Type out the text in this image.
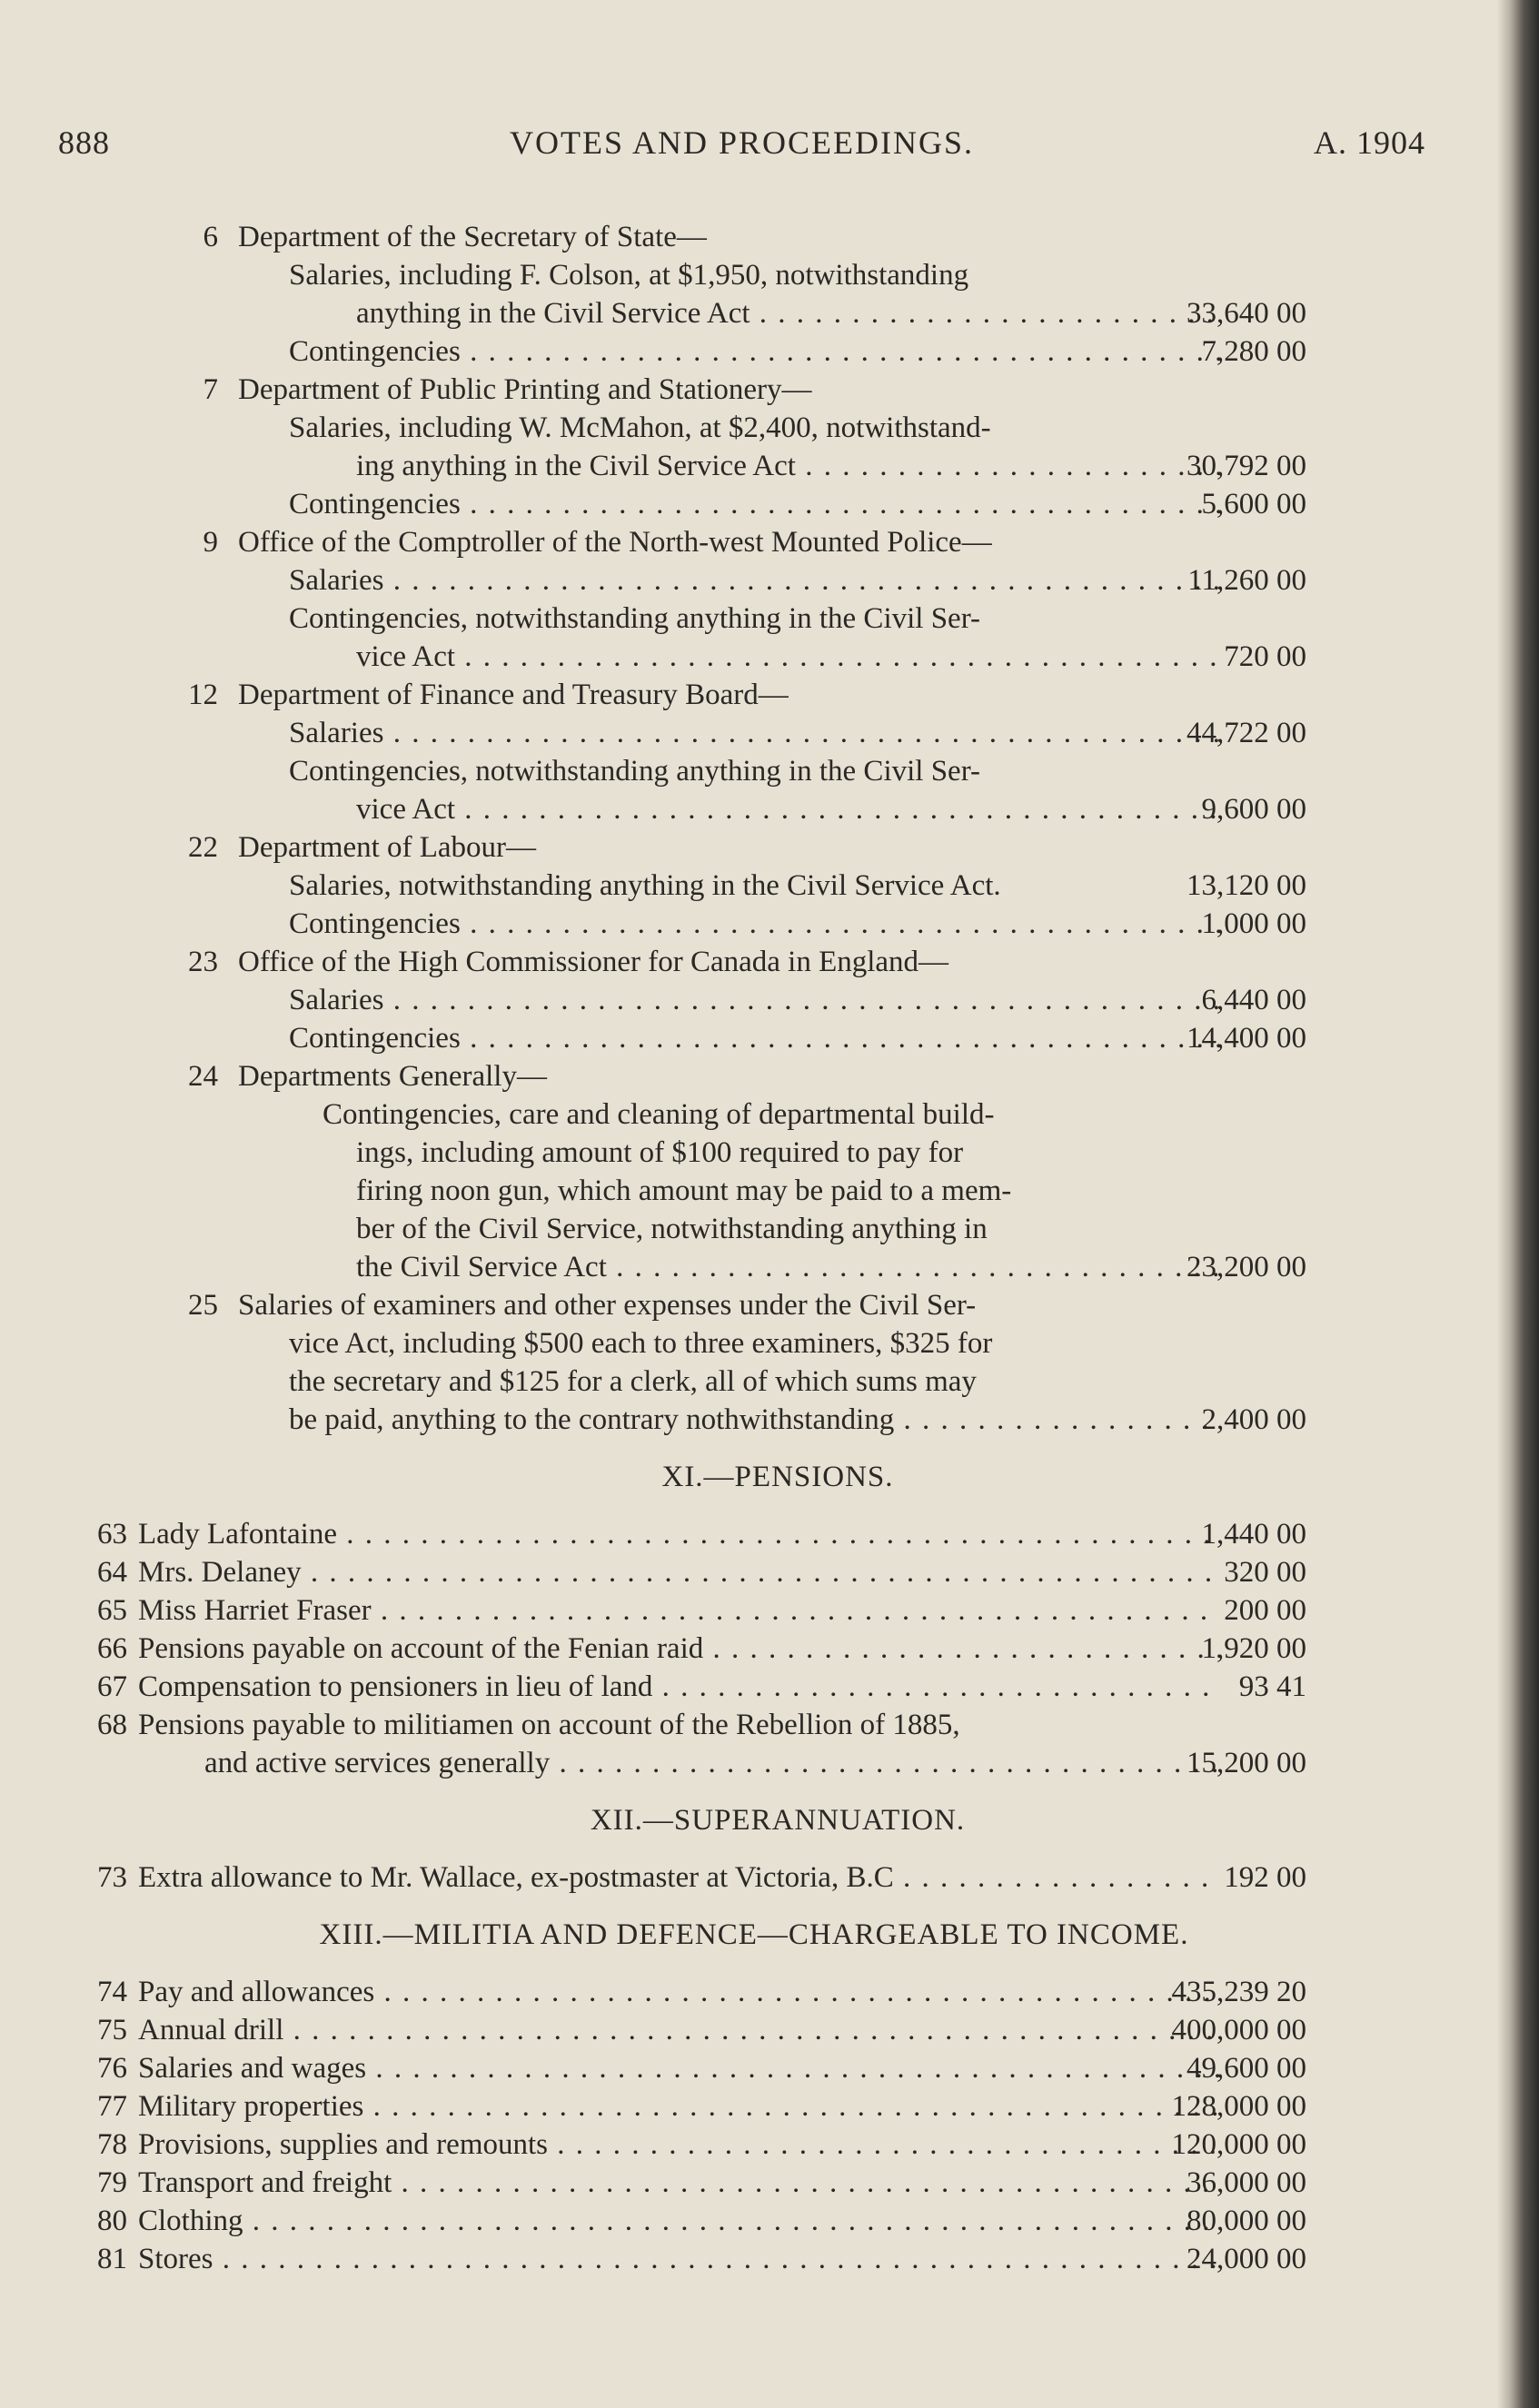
888	VOTES AND PROCEEDINGS.	A. 1904
6 Department of the Secretary of State—
Salaries, including F. Colson, at $1,950, notwithstanding
anything in the Civil Service Act . . .	33,640 00
Contingencies . . .	7,280 00
7 Department of Public Printing and Stationery—
Salaries, including W. McMahon, at $2,400, notwithstand-
ing anything in the Civil Service Act . . .	30,792 00
Contingencies . . .	5,600 00
9 Office of the Comptroller of the North-west Mounted Police—
Salaries . . .	11,260 00
Contingencies, notwithstanding anything in the Civil Ser-
vice Act . . .	720 00
12 Department of Finance and Treasury Board—
Salaries . . .	44,722 00
Contingencies, notwithstanding anything in the Civil Ser-
vice Act . . .	9,600 00
22 Department of Labour—
Salaries, notwithstanding anything in the Civil Service Act.	13,120 00
Contingencies . . .	1,000 00
23 Office of the High Commissioner for Canada in England—
Salaries . . .	6,440 00
Contingencies . . .	14,400 00
24 Departments Generally—
Contingencies, care and cleaning of departmental build-
ings, including amount of $100 required to pay for
firing noon gun, which amount may be paid to a mem-
ber of the Civil Service, notwithstanding anything in
the Civil Service Act . . .	23,200 00
25 Salaries of examiners and other expenses under the Civil Ser-
vice Act, including $500 each to three examiners, $325 for
the secretary and $125 for a clerk, all of which sums may
be paid, anything to the contrary nothwithstanding . . .	2,400 00
XI.—PENSIONS.
63 Lady Lafontaine . . .	1,440 00
64 Mrs. Delaney . . .	320 00
65 Miss Harriet Fraser . . .	200 00
66 Pensions payable on account of the Fenian raid . . .	1,920 00
67 Compensation to pensioners in lieu of land . . .	93 41
68 Pensions payable to militiamen on account of the Rebellion of 1885,
and active services generally . . .	15,200 00
XII.—SUPERANNUATION.
73 Extra allowance to Mr. Wallace, ex-postmaster at Victoria, B.C . . .	192 00
XIII.—MILITIA AND DEFENCE—CHARGEABLE TO INCOME.
74 Pay and allowances . . .	435,239 20
75 Annual drill . . .	400,000 00
76 Salaries and wages . . .	49,600 00
77 Military properties . . .	128,000 00
78 Provisions, supplies and remounts . . .	120,000 00
79 Transport and freight . . .	36,000 00
80 Clothing . . .	80,000 00
81 Stores . . .	24,000 00
